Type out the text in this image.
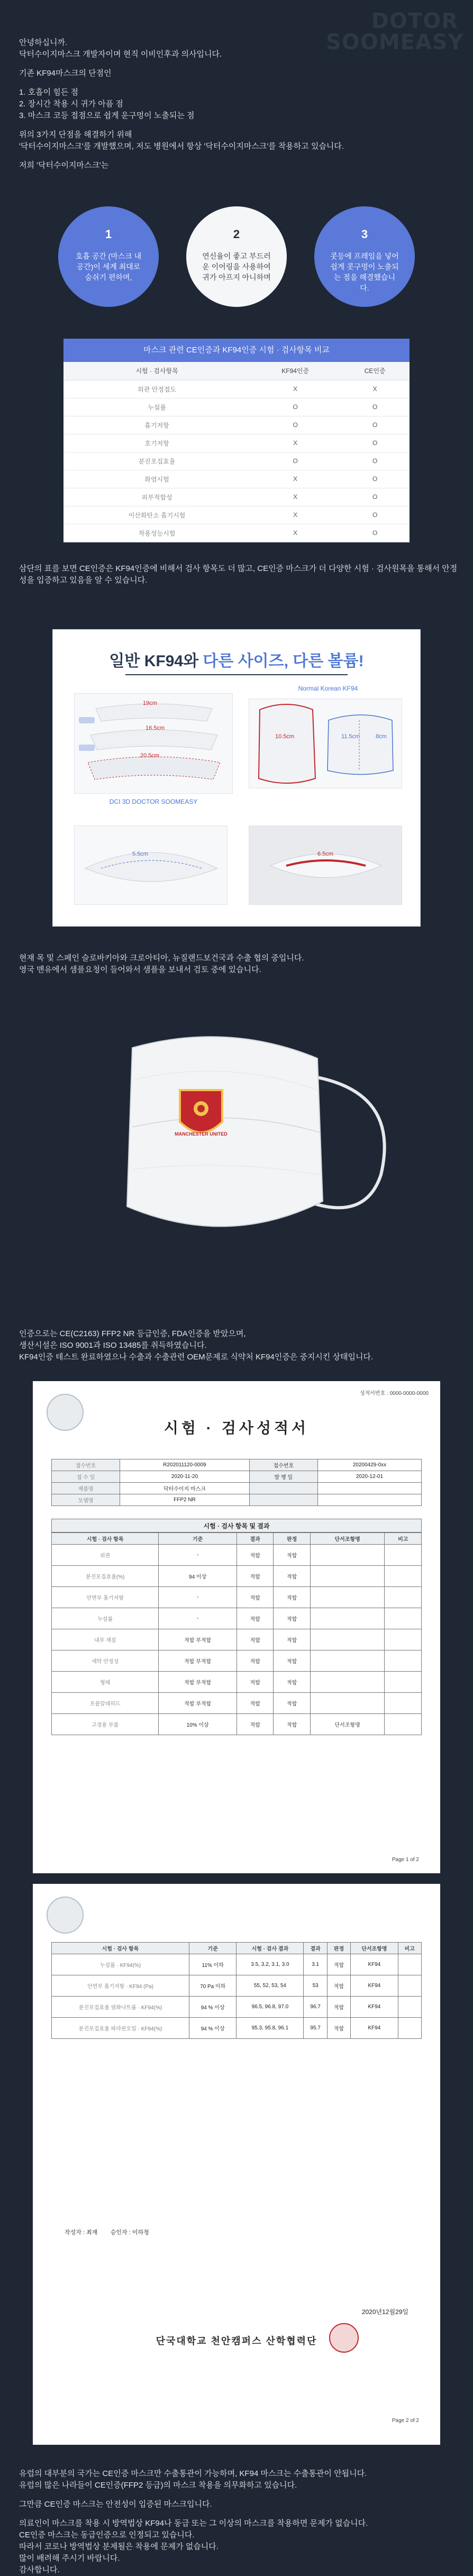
DOTOR SOOMEASY

안녕하십니까.

닥터수이지마스크 개발자이며 현직 이비인후과 의사입니다.

기존 KF94마스크의 단점인

1. 호흡이 힘든 점

2. 장시간 착용 시 귀가 아픔 점

3. 마스크 코등 접점으로 쉽게 운구멍이 노출되는 점

위의 3가지 단점을 해결하기 위해

'닥터수이지마스크'를 개발했으며, 저도 병원에서 항상 '닥터수이지마스크'를 착용하고 있습니다.

저희 '닥터수이지마스크'는

1
호흡 공간 (마스크 내 공간)이 세계 최대로 숨쉬기 편하며,
2
연신율이 좋고 부드러운 이어링을 사용하여 귀가 아프지 아니하며
3
콧등에 프레임을 넣어 쉽게 콧구멍이 노출되는 점을 해결했습니다.
마스크 관련 CE인증과 KF94인증 시험 · 검사항목 비교
시험 · 검사항목	KF94인증	CE인증
외관 안정접도	X	X
누설률	O	O
흡기저항	O	O
호기저항	X	O
분진포집효율	O	O
화염시험	X	O
피부적합성	X	O
이산화탄소 흡기시험	X	O
착용성능시험	X	O
삼단의 표를 보면 CE인증은 KF94인증에 비해서 검사 항목도 더 많고, CE인증 마스크가 더 다양한 시험 · 검사원목을 통해서 안정성을 입증하고 있음을 알 수 있습니다.
일반 KF94와 다른 사이즈, 다른 볼륨!
19cm
16.5cm
20.5cm
DCI 3D DOCTOR SOOMEASY
Normal Korean KF94
10.5cm	11.5cm	8cm
5.5cm	6.5cm

현재 목 및 스페인 슬로바키아와 크로아티아, 뉴질랜드보건국과 수출 협의 중입니다.

영국 맨유에서 샘플요청이 들어와서 샘플을 보내서 검토 중에 있습니다.

MANCHESTER UNITED

인증으로는 CE(C2163) FFP2 NR 등급인증, FDA인증을 받았으며,

생산시설은 ISO 9001과 ISO 13485를 취득하였습니다.

KF94인증 테스트 완료하였으나 수출과 수출관련 OEM문제로 식약처 KF94인증은 중지시킨 상태입니다.

성적서번호 : 0000-0000-0000
시험 · 검사성적서
접수번호	R202011120-0009	접수번호	20200429-0xx
접 수 일	2020-11-20	발 행 일	2020-12-01
제품명	닥터수이지 마스크		
모델명	FFP2 NR		
시험 · 검사 항목 및 결과
시험 · 검사 항목	기준	결과	판정	단서조항명	비고
외관	-	적합	적합		
분진포집효율(%)	94 이상	적합	적합		
안면부 흡기저항	-	적합	적합		
누설률	-	적합	적합		
내부 재질	적합 부적합	적합	적합		
세탁 안정성	적합 부적합	적합	적합		
형태	적합 부적합	적합	적합		
포름알데히드	적합 부적합	적합	적합		
고정용 부품	10% 이상	적합	적합	단서조항명	
Page 1 of 2
시험 · 검사 항목	기준	시험 · 검사 결과	결과	판정	단서조항명	비고
누설률 · KF94(%)	11% 이하	3.5, 3.2, 3.1, 3.0	3.1	적합	KF94	
안면부 흡기저항 · KF94 (Pa)	70 Pa 이하	55, 52, 53, 54	53	적합	KF94	
분진포집효율 염화나트륨 · KF94(%)	94 % 이상	96.5, 96.8, 97.0	96.7	적합	KF94	
분진포집효율 파라핀오일 · KF94(%)	94 % 이상	95.3, 95.8, 96.1	95.7	적합	KF94	
작성자 : 최재 승인자 : 이하청
2020년12월29일
단국대학교 천안캠퍼스 산학협력단
Page 2 of 2

유럽의 대부분의 국가는 CE인증 마스크만 수출통관이 가능하며, KF94 마스크는 수출통관이 안됩니다.

유럽의 많은 나라들이 CE인증(FFP2 등급)의 마스크 착용을 의무화하고 있습니다.

그만큼 CE인증 마스크는 안전성이 입증된 마스크입니다.

의료인이 마스크를 착용 시 방역법상 KF94나 동급 또는 그 이상의 마스크를 착용하면 문제가 없습니다.

CE인증 마스크는 동급인증으로 인정되고 있습니다.

따라서 코로나 방역법상 분제될은 착용에 문제가 없습니다.

많이 배려해 주시기 바랍니다.

감사합니다.
